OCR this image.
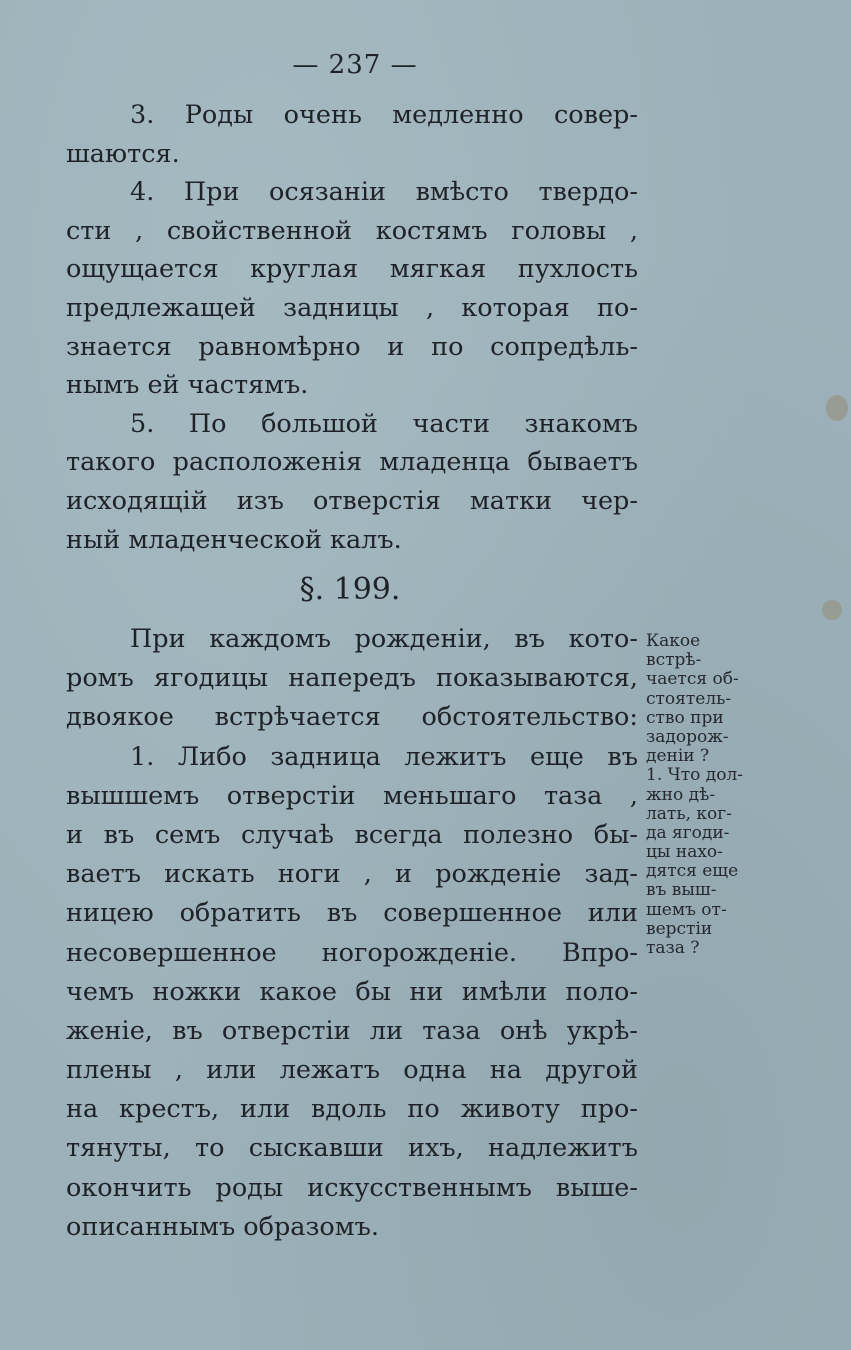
— 237 —
3. Роды очень медленно совер-
шаются.
4. При осязаніи вмѣсто твердо-
сти , свойственной костямъ головы ,
ощущается круглая мягкая пухлость
предлежащей задницы , которая по-
знается равномѣрно и по сопредѣль-
нымъ ей частямъ.
5. По большой части знакомъ
такого расположенія младенца бываетъ
исходящій изъ отверстія матки чер-
ный младенческой калъ.
§. 199.
При каждомъ рожденіи, въ кото-
ромъ ягодицы напередъ показываются,
двоякое встрѣчается обстоятельство:
1. Либо задница лежитъ еще въ
вышшемъ отверстіи меньшаго таза ,
и въ семъ случаѣ всегда полезно бы-
ваетъ искать ноги , и рожденіе зад-
ницею обратить въ совершенное или
несовершенное ногорожденіе. Впро-
чемъ ножки какое бы ни имѣли поло-
женіе, въ отверстіи ли таза онѣ укрѣ-
плены , или лежатъ одна на другой
на крестъ, или вдоль по животу про-
тянуты, то сыскавши ихъ, надлежитъ
окончить роды искусственнымъ выше-
описаннымъ образомъ.
Какое
встрѣ-
чается об-
стоятель-
ство при
задорож-
деніи ?
1. Что дол-
жно дѣ-
лать, ког-
да ягоди-
цы нахо-
дятся еще
въ выш-
шемъ от-
верстіи
таза ?
